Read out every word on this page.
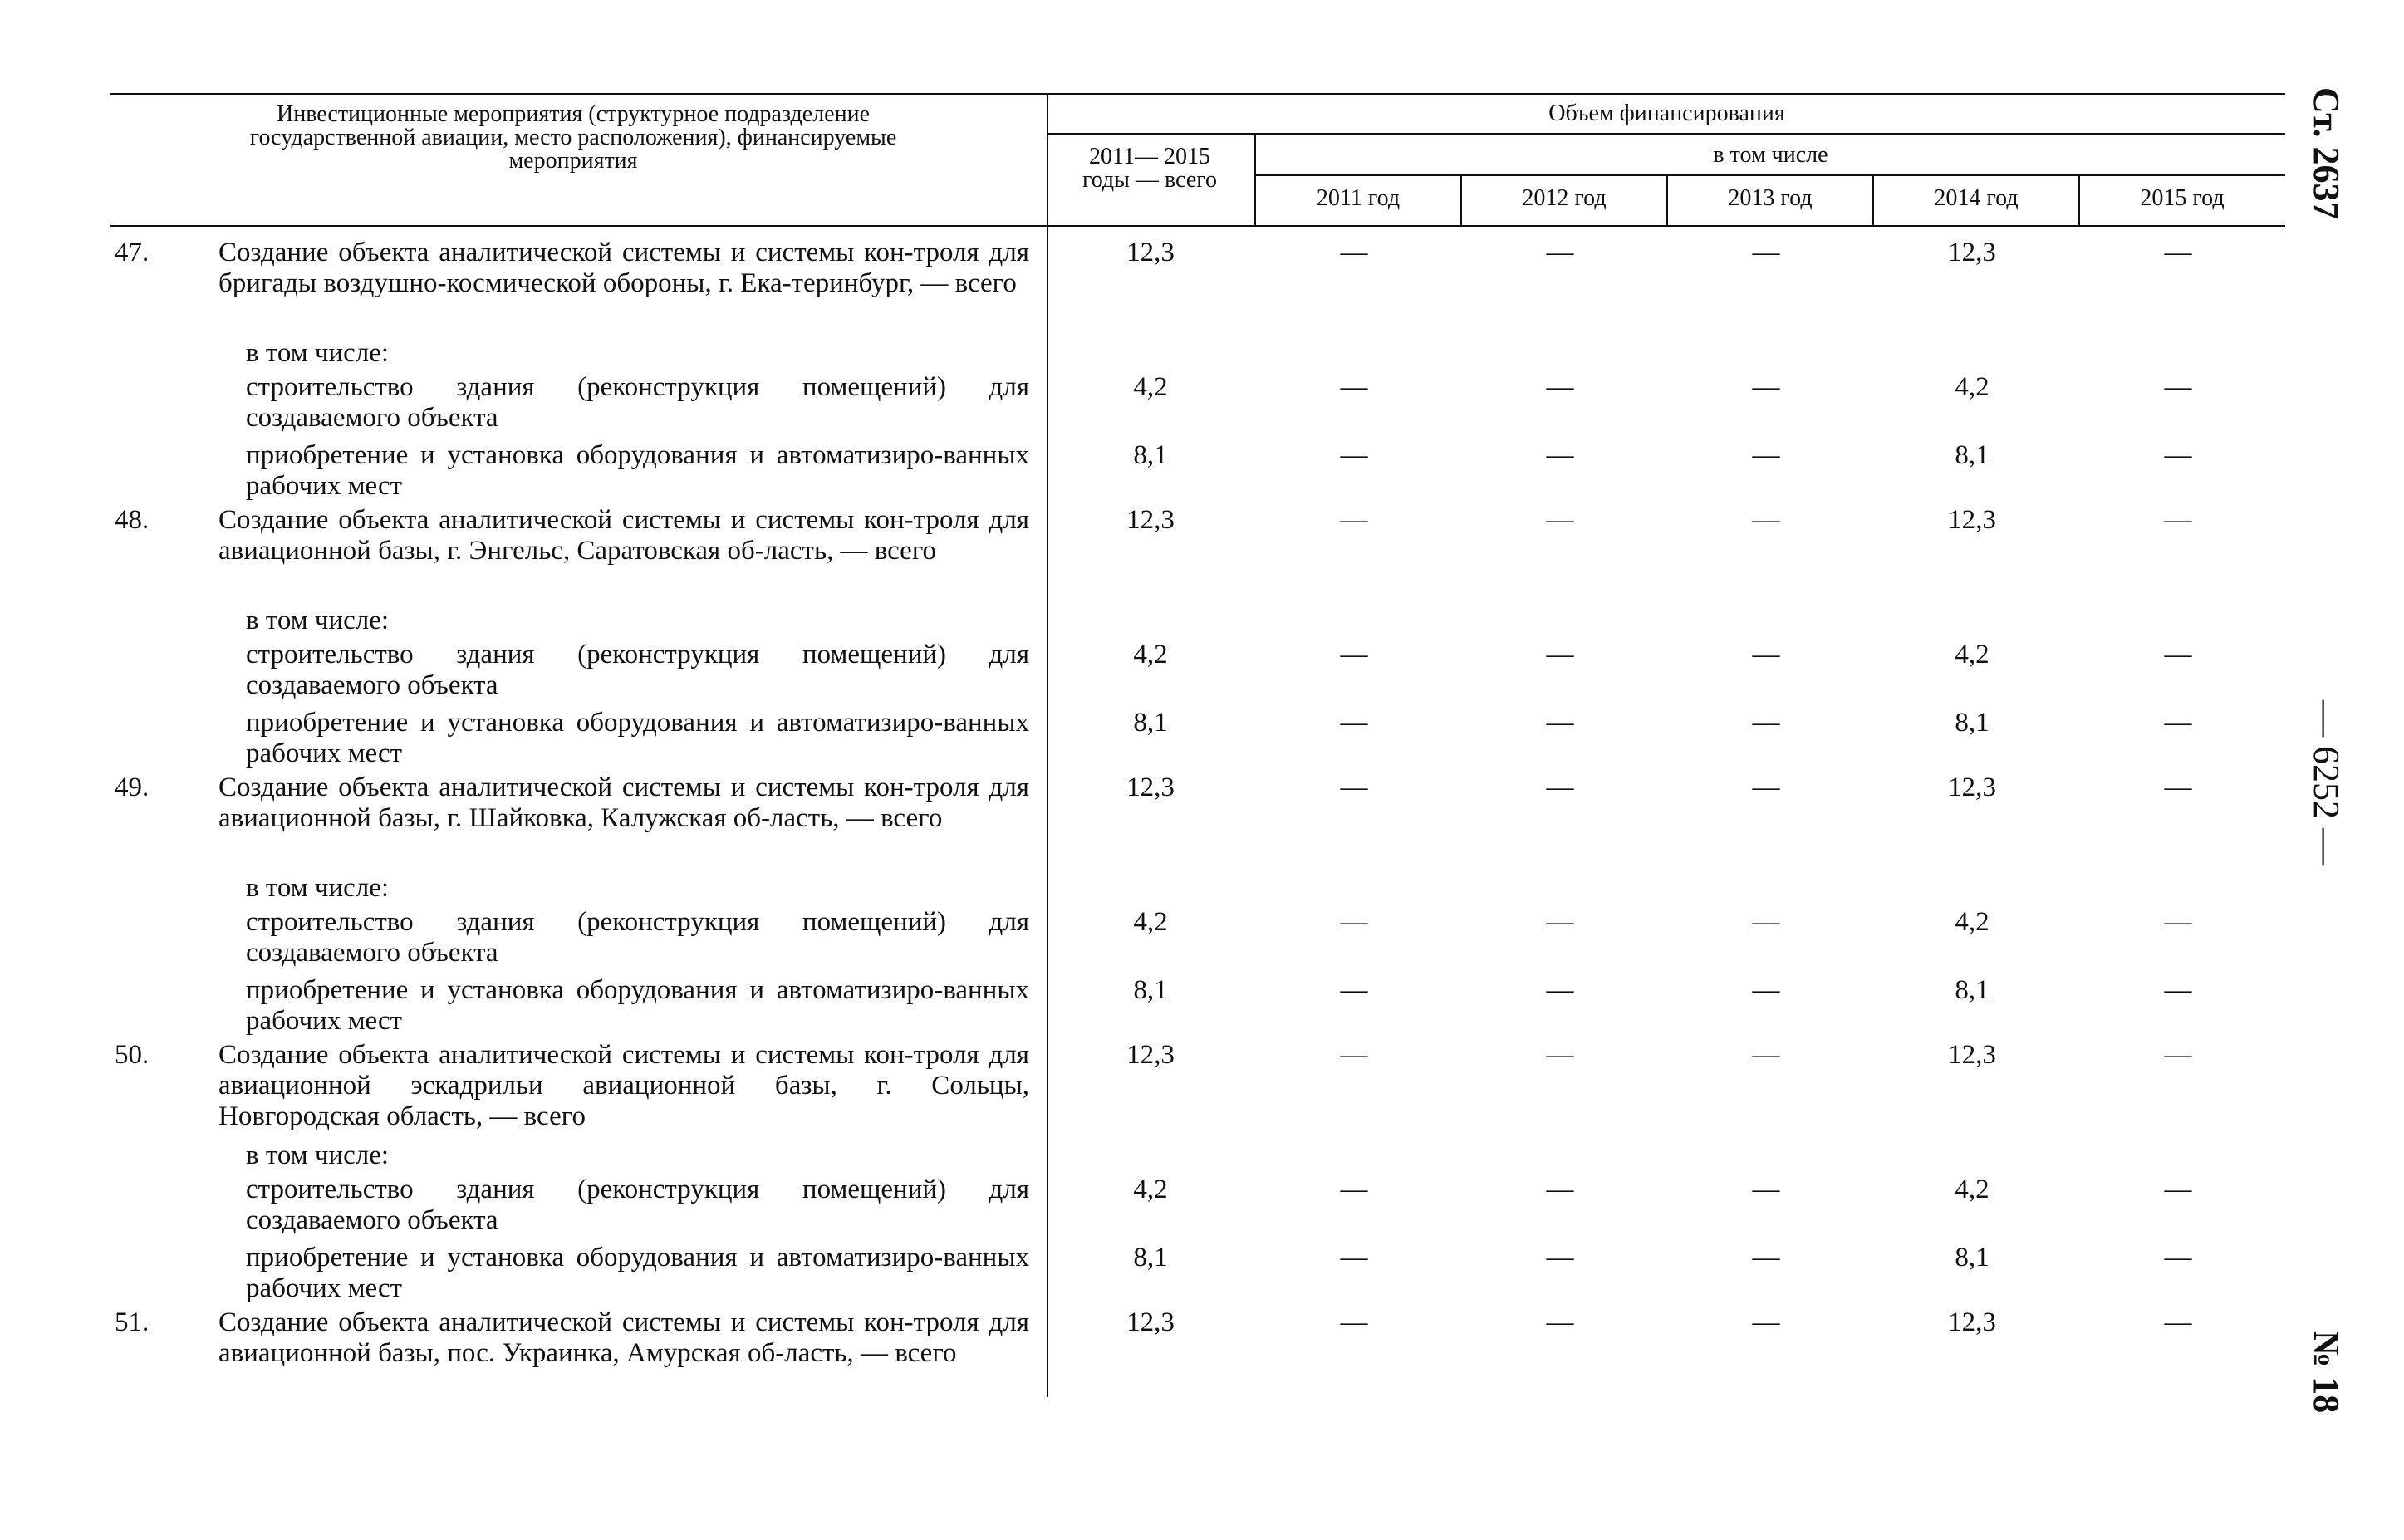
Инвестиционные мероприятия (структурное подразделение государственной авиации, место расположения), финансируемые мероприятия
Объем финансирования
2011— 2015 годы — всего
в том числе
2011 год	2012 год	2013 год	2014 год	2015 год
47.	Создание объекта аналитической системы и системы кон-троля для бригады воздушно-космической обороны, г. Ека-теринбург, — всего
12,3	—	—	—	12,3	—
в том числе:
строительство здания (реконструкция помещений) для создаваемого объекта
4,2	—	—	—	4,2	—
приобретение и установка оборудования и автоматизиро-ванных рабочих мест
8,1	—	—	—	8,1	—
48.	Создание объекта аналитической системы и системы кон-троля для авиационной базы, г. Энгельс, Саратовская об-ласть, — всего
12,3	—	—	—	12,3	—
в том числе:
строительство здания (реконструкция помещений) для создаваемого объекта
4,2	—	—	—	4,2	—
приобретение и установка оборудования и автоматизиро-ванных рабочих мест
8,1	—	—	—	8,1	—
49.	Создание объекта аналитической системы и системы кон-троля для авиационной базы, г. Шайковка, Калужская об-ласть, — всего
12,3	—	—	—	12,3	—
в том числе:
строительство здания (реконструкция помещений) для создаваемого объекта
4,2	—	—	—	4,2	—
приобретение и установка оборудования и автоматизиро-ванных рабочих мест
8,1	—	—	—	8,1	—
50.	Создание объекта аналитической системы и системы кон-троля для авиационной эскадрильи авиационной базы, г. Сольцы, Новгородская область, — всего
12,3	—	—	—	12,3	—
в том числе:
строительство здания (реконструкция помещений) для создаваемого объекта
4,2	—	—	—	4,2	—
приобретение и установка оборудования и автоматизиро-ванных рабочих мест
8,1	—	—	—	8,1	—
51.	Создание объекта аналитической системы и системы кон-троля для авиационной базы, пос. Украинка, Амурская об-ласть, — всего
12,3	—	—	—	12,3	—
Ст. 2637
— 6252 —
№ 18
